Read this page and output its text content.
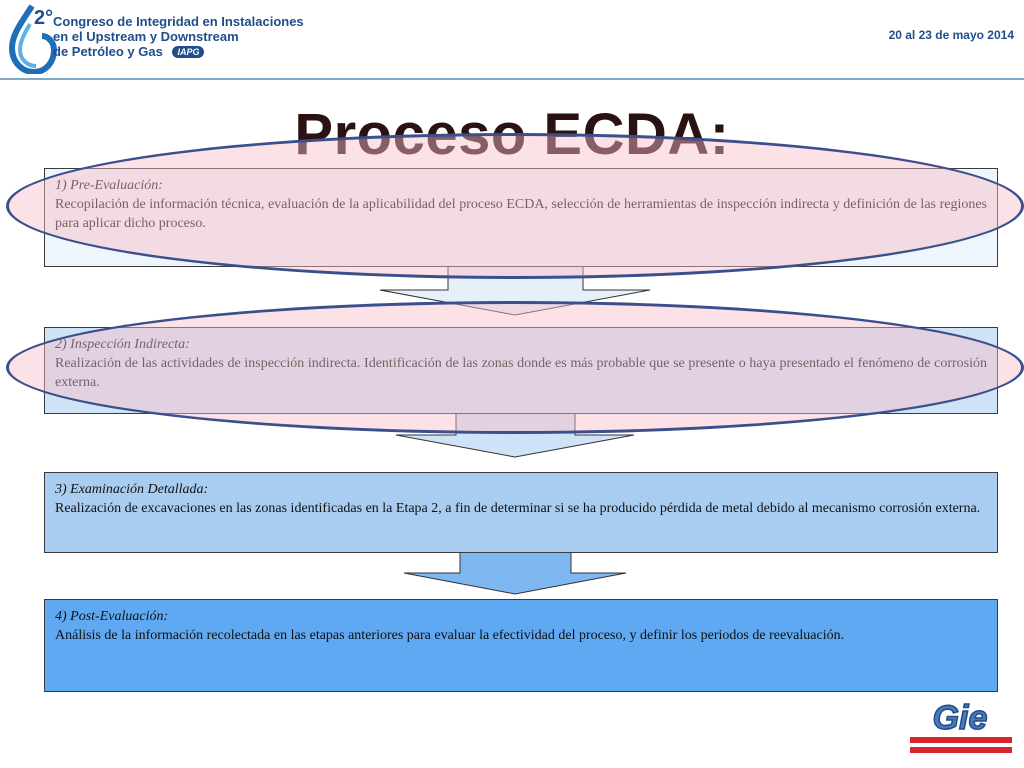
2° Congreso de Integridad en Instalaciones
en el Upstream y Downstream
de Petróleo y Gas IAPG
20 al 23 de mayo 2014
Proceso ECDA:
1) Pre-Evaluación:
Recopilación de información técnica, evaluación de la aplicabilidad del proceso ECDA, selección de herramientas de inspección indirecta y definición de las regiones para aplicar dicho proceso.
2) Inspección Indirecta:
Realización de las actividades de inspección indirecta. Identificación de las zonas donde es más probable que se presente o haya presentado el fenómeno de corrosión externa.
3) Examinación Detallada:
Realización de excavaciones en las zonas identificadas en la Etapa 2, a fin de determinar si se ha producido pérdida de metal debido al mecanismo corrosión externa.
4) Post-Evaluación:
Análisis de la información recolectada en las etapas anteriores para evaluar la efectividad del proceso, y definir los periodos de reevaluación.
Gie
